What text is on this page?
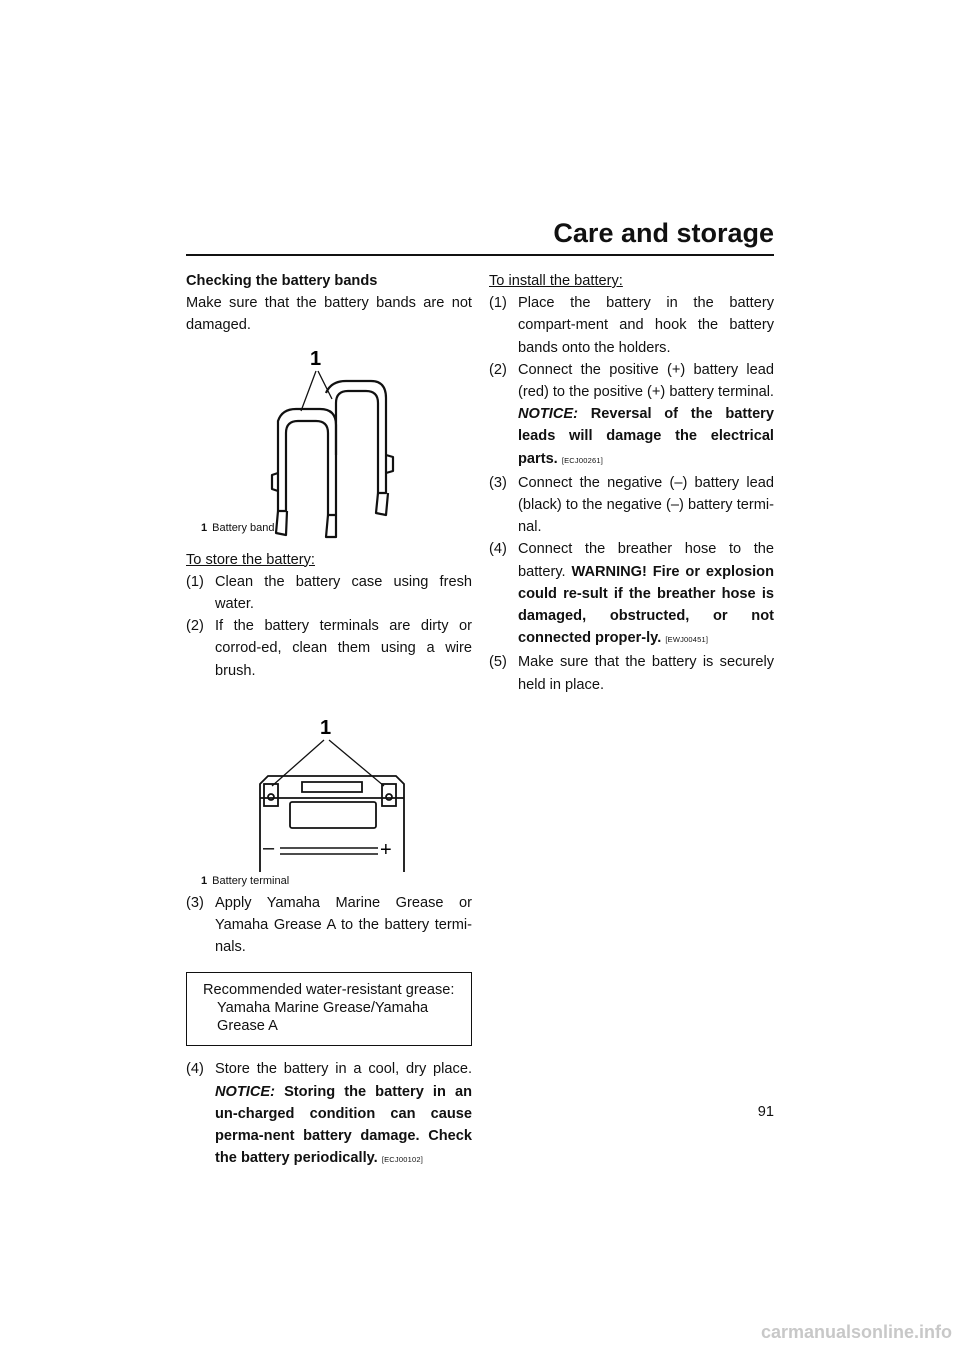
Care and storage
Checking the battery bands
Make sure that the battery bands are not damaged.
1
1 Battery band
To store the battery:
(1) Clean the battery case using fresh water.
(2) If the battery terminals are dirty or corrod-ed, clean them using a wire brush.
1
–	+
1 Battery terminal
(3) Apply Yamaha Marine Grease or Yamaha Grease A to the battery termi-nals.
Recommended water-resistant grease:
Yamaha Marine Grease/Yamaha
Grease A
(4) Store the battery in a cool, dry place. NOTICE: Storing the battery in an un-charged condition can cause perma-nent battery damage. Check the battery periodically. [ECJ00102]
To install the battery:
(1) Place the battery in the battery compart-ment and hook the battery bands onto the holders.
(2) Connect the positive (+) battery lead (red) to the positive (+) battery terminal. NOTICE: Reversal of the battery leads will damage the electrical parts. [ECJ00261]
(3) Connect the negative (–) battery lead (black) to the negative (–) battery termi-nal.
(4) Connect the breather hose to the battery. WARNING! Fire or explosion could re-sult if the breather hose is damaged, obstructed, or not connected proper-ly. [EWJ00451]
(5) Make sure that the battery is securely held in place.
91
carmanualsonline.info
